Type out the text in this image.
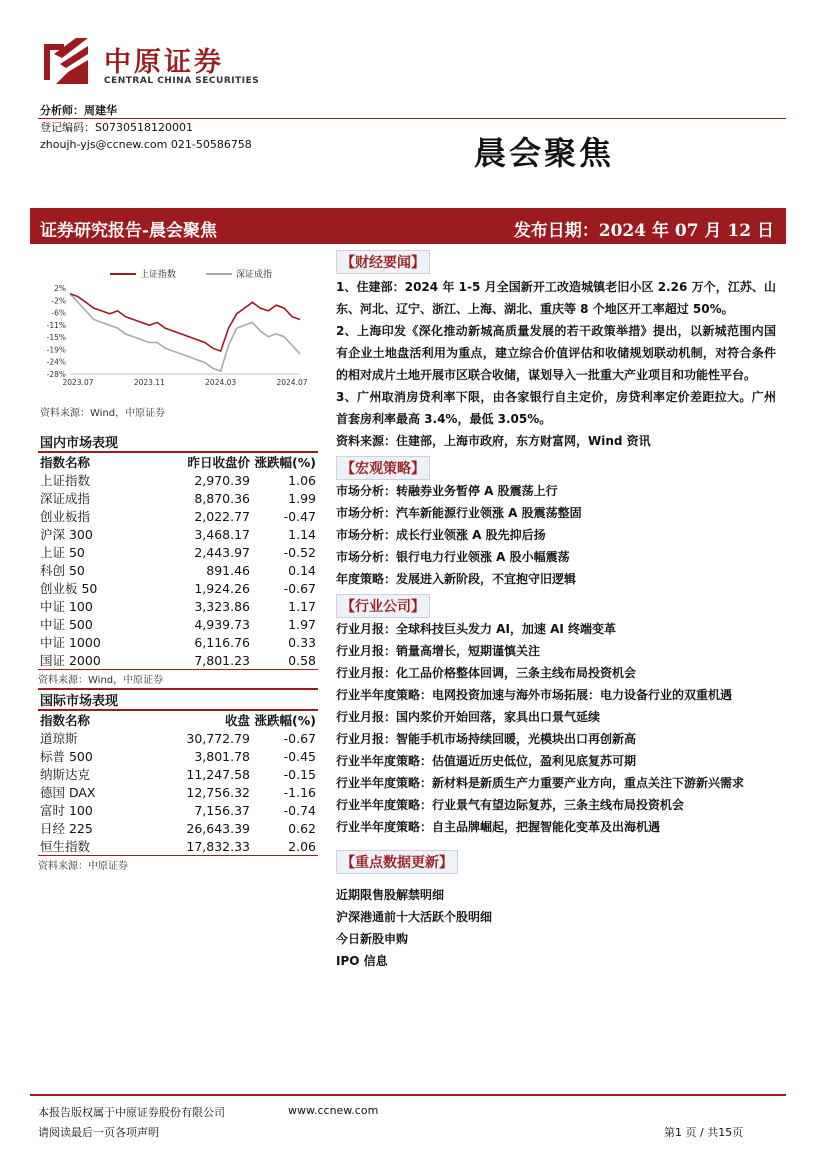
中原证券
CENTRAL CHINA SECURITIES
分析师：周建华
登记编码：S0730518120001
zhoujh-yjs@ccnew.com 021-50586758	晨会聚焦
证券研究报告-晨会聚焦	发布日期：2024 年 07 月 12 日
2%
-2%
-6%
-11%
-15%
-19%
-24%
-28%
2023.07	2023.11	2024.03	2024.07
上证指数	深证成指
资料来源：Wind，中原证券
国内市场表现
指数名称	昨日收盘价	涨跌幅(%)
上证指数	2,970.39	1.06
深证成指	8,870.36	1.99
创业板指	2,022.77	-0.47
沪深 300	3,468.17	1.14
上证 50	2,443.97	-0.52
科创 50	891.46	0.14
创业板 50	1,924.26	-0.67
中证 100	3,323.86	1.17
中证 500	4,939.73	1.97
中证 1000	6,116.76	0.33
国证 2000	7,801.23	0.58
资料来源：Wind，中原证券
国际市场表现
指数名称	收盘	涨跌幅(%)
道琼斯	30,772.79	-0.67
标普 500	3,801.78	-0.45
纳斯达克	11,247.58	-0.15
德国 DAX	12,756.32	-1.16
富时 100	7,156.37	-0.74
日经 225	26,643.39	0.62
恒生指数	17,832.33	2.06
资料来源：中原证券
【财经要闻】
1、住建部：2024 年 1-5 月全国新开工改造城镇老旧小区 2.26 万个，江苏、山东、河北、辽宁、浙江、上海、湖北、重庆等 8 个地区开工率超过 50%。
2、上海印发《深化推动新城高质量发展的若干政策举措》提出，以新城范围内国有企业土地盘活利用为重点，建立综合价值评估和收储规划联动机制，对符合条件的相对成片土地开展市区联合收储，谋划导入一批重大产业项目和功能性平台。
3、广州取消房贷利率下限，由各家银行自主定价，房贷利率定价差距拉大。广州首套房利率最高 3.4%，最低 3.05%。
资料来源：住建部，上海市政府，东方财富网，Wind 资讯
【宏观策略】
市场分析：转融券业务暂停 A 股震荡上行
市场分析：汽车新能源行业领涨 A 股震荡整固
市场分析：成长行业领涨 A 股先抑后扬
市场分析：银行电力行业领涨 A 股小幅震荡
年度策略：发展进入新阶段，不宜抱守旧逻辑
【行业公司】
行业月报：全球科技巨头发力 AI，加速 AI 终端变革
行业月报：销量高增长，短期谨慎关注
行业月报：化工品价格整体回调，三条主线布局投资机会
行业半年度策略：电网投资加速与海外市场拓展：电力设备行业的双重机遇
行业月报：国内浆价开始回落，家具出口景气延续
行业月报：智能手机市场持续回暖，光模块出口再创新高
行业半年度策略：估值逼近历史低位，盈利见底复苏可期
行业半年度策略：新材料是新质生产力重要产业方向，重点关注下游新兴需求
行业半年度策略：行业景气有望边际复苏，三条主线布局投资机会
行业半年度策略：自主品牌崛起，把握智能化变革及出海机遇
【重点数据更新】
近期限售股解禁明细
沪深港通前十大活跃个股明细
今日新股申购
IPO 信息
本报告版权属于中原证券股份有限公司	www.ccnew.com
请阅读最后一页各项声明	第1 页 / 共15页
